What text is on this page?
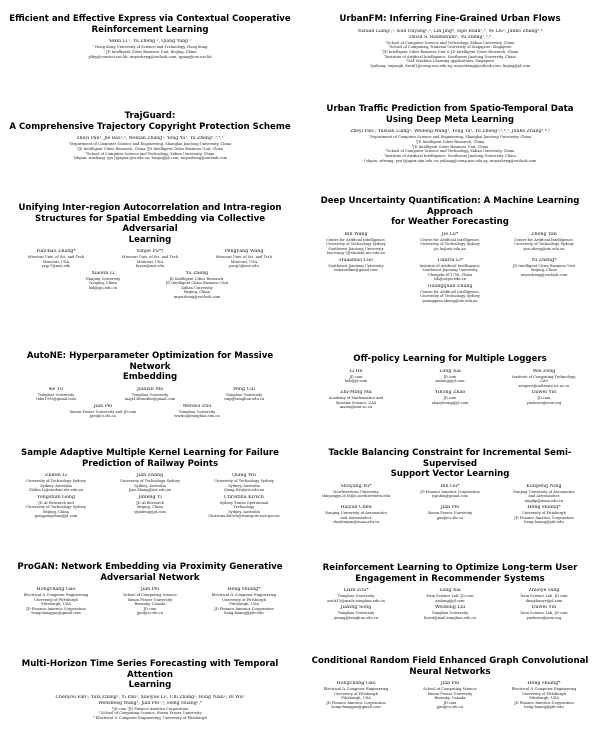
Efficient and Effective Express via Contextual Cooperative
Reinforcement Learning
Yexin Li ¹, Yu Zheng ², Qiang Yang ¹
¹ Hong Kong University of Science and Technology, Hong Kong
² JD Intelligent Cities Business Unit, Beijing, China
yliby@connect.ust.hk, msyuzheng@outlook.com, qyang@cse.ust.hk
TrajGuard:
A Comprehensive Trajectory Copyright Protection Scheme
Zheyi Pan¹, Jie Bao²,³, Weinan Zhang¹, Yong Yu¹, Yu Zheng²,³,⁴,¹
¹Department of Computer Science and Engineering, Shanghai Jiaotong University, China
²JD Intelligent Cities Research, China ³JD Intelligent Cities Business Unit, China
⁴School of Computer Science and Technology, Xidian University, China
{zhpan, wnzhang, yyu}@apex.sjtu.edu.cn; baojie@jd.com; msyuzheng@outlook.com
Unifying Inter-region Autocorrelation and Intra-region
Structures for Spatial Embedding via Collective Adversarial
Learning
Yunchao Zhang*
Missouri Univ. of Sci. and Tech
Missouri, USA
yzgc7@mst.edu
Yanjie Fu*†
Missouri Univ. of Sci. and Tech
Missouri, USA
fuyan@mst.edu
Pengyang Wang
Missouri Univ. of Sci. and Tech
Missouri, USA
pwqt3@mst.edu
Xiaolin Li
Nanjing University
Nanjing, China
lixl@nju.edu.cn
Yu Zheng
JD Intelligent Cities Research,
JD Intelligent Cities Business Unit
Xidian University
Beijing, China
msyuzheng@outlook.com
AutoNE: Hyperparameter Optimization for Massive Network
Embedding
Ke Tu
Tsinghua University
tuke1993@gmail.com
Jianxin Ma
Tsinghua University
majx13fromthu@gmail.com
Peng Cui
Tsinghua University
cuip@tsinghua.edu.cn
Jian Pei
Simon Fraser University and JD.com
jpei@cs.sfu.ca
Wenwu Zhu
Tsinghua University
wwzhu@tsinghua.edu.cn
Sample Adaptive Multiple Kernel Learning for Failure
Prediction of Railway Points
Zhibin Li
University of Technology Sydney
Sydney, Australia
Zhibin.Li@student.uts.edu.au
Jian Zhang
University of Technology Sydney
Sydney, Australia
Jian.Zhang@uts.edu.au
Qiang Wu
University of Technology Sydney
Sydney, Australia
Qiang.Wu@uts.edu.au
Yongshun Gong
JD AI Research and
University of Technology Sydney
Beijing, China
gongyongshun@jd.com
Jinfeng Yi
JD AI Research
Beijing, China
yijinfeng@jd.com
Christina Kirsch
Sydney Trains Operational
Technology
Sydney, Australia
Christina.Kirsch@transport.nsw.gov.au
ProGAN: Network Embedding via Proximity Generative
Adversarial Network
Hongchang Gao
Electrical & Computer Engineering
University of Pittsburgh
Pittsburgh, USA
JD Finance America Corporation
hongchanggao@gmail.com
Jian Pei
School of Computing Science
Simon Fraser University
Burnaby, Canada
JD.com
jpei@cs.sfu.ca
Heng Huang*
Electrical & Computer Engineering
University of Pittsburgh
Pittsburgh, USA
JD Finance America Corporation
heng.huang@pitt.edu
Multi-Horizon Time Series Forecasting with Temporal Attention
Learning
Chenyou Fan¹, Yuxi Zhang², Yi Pan², Xiaoyue Li², Chi Zhang², Rong Yuan², Di Wu²
Wensheng Wang², Jian Pei²,³, Heng Huang²,⁴
²JD.com ³JD Finance America Corporation
³ School of Computing Science, Simon Fraser University
⁴ Electrical & Computer Engineering, University of Pittsburgh
UrbanFM: Inferring Fine-Grained Urban Flows
Yuxuan Liang¹,², Kun Ouyang²,³, Lin Jing⁴, Sijie Ruan¹,³, Ye Liu², Junbo Zhang³,⁴
David S. Rosenblum², Yu Zheng¹,³,⁴
¹School of Computer Science and Technology, Xidian University, China
²School of Computing, National University of Singapore, Singapore
³JD Intelligent Cities Business Unit & JD Intelligent Cities Research, China
⁴Institute of Artificial Intelligence, Southwest Jiaotong University, China
⁵SAP Machine Learning Applications, Singapore
{yxliang, ouyangk, david}@comp.nus.edu.sg; msyuzheng@outlook.com; linjing@jd.com
Urban Traffic Prediction from Spatio-Temporal Data
Using Deep Meta Learning
Zheyi Pan¹, Yuxuan Liang², Weifeng Wang¹, Yong Yu¹, Yu Zheng²,³,⁴,⁵, Junbo Zhang³,⁴,⁵
¹Department of Computer Science and Engineering, Shanghai Jiaotong University, China
²JD Intelligent Cities Research, China
³JD Intelligent Cities Business Unit, China
⁴School of Computer Science and Technology, Xidian University, China
⁵Institute of Artificial Intelligence, Southwest Jiaotong University, China
{zhpan, wfwang, yyu}@apex.sjtu.edu.cn; yxliang@comp.nus.edu.sg; msyuzheng@outlook.com
Deep Uncertainty Quantification: A Machine Learning Approach
for Weather Forecasting
Bin Wang
Centre for Artificial Intelligence,
University of Technology Sydney
Southwest Jiaotong University
bin.wang-7@student.uts.edu.au
Jie Lu*
Centre for Artificial Intelligence,
University of Technology Sydney
jie.lu@uts.edu.au
Zheng Yan
Centre for Artificial Intelligence,
University of Technology Sydney
yan.zheng@uts.edu.au
Huaishao Luo
Southwest Jiaotong University
imhuaishao@gmail.com
Tianrui Li*
Institute of Artificial Intelligence,
Southwest Jiaotong University
Chengdu 611756, China
trli@swjtu.edu.cn
Yu Zheng*
JD Intelligent Cities Business Unit
Beijing, China
msyuzheng@outlook.com
Guangquan Zhang
Centre for Artificial Intelligence,
University of Technology Sydney
guangquan.zhang@uts.edu.au
Off-policy Learning for Multiple Loggers
Li He
JD.com
heli@jd.com
Long Xia
JD.com
xialong@jd.com
Wei Zeng
Institute of Computing Technology,
CAS
zengwei@software.ict.ac.cn
Zhi-Ming Ma
Academy of Mathematics and
Systems Science, CAS
mazm@amt.ac.cn
Yihong Zhao
JD.com
zhaoyihong@jd.com
Dawei Yin
JD.com
yindawei@acm.org
Tackle Balancing Constraint for Incremental Semi-Supervised
Support Vector Learning
Shuyang Yu*
Northwestern University
shuyangyu2018@u.northwestern.edu
Bin Gu*
JD Finance America Corporation
jsgubin@gmail.com
Kunpeng Ning
Nanjing University of Aeronautics
and Astronautics
ningkp@nuaa.edu.cn
Haiyan Chen
Nanjing University of Aeronautics
and Astronautics
chenhaiyan@nuaa.edu.cn
Jian Pei
Simon Fraser University
jpei@cs.sfu.ca
Heng Huang*
University of Pittsburgh
JD Finance America Corporation
heng.huang@pitt.edu
Reinforcement Learning to Optimize Long-term User
Engagement in Recommender Systems
Lixin Zou*
Tsinghua University
zoulx15@mails.tsinghua.edu.cn
Long Xia
Data Science Lab, JD.com
xialong@jd.com
Zhuoye Ding
Data Science Lab, JD.com
dingzhuoye@jd.com
Jiaxing Song
Tsinghua University
jxsong@tsinghua.edu.cn
Weidong Liu
Tsinghua University
liuwd@mail.tsinghua.edu.cn
Dawei Yin
Data Science Lab, JD.com
yindawei@acm.org
Conditional Random Field Enhanced Graph Convolutional
Neural Networks
Hongchang Gao
Electrical & Computer Engineering
University of Pittsburgh
Pittsburgh, USA
JD Finance America Corporation
hongchanggao@gmail.com
Jian Pei
School of Computing Science
Simon Fraser University
Burnaby, Canada
JD.com
jpei@cs.sfu.ca
Heng Huang*
Electrical & Computer Engineering
University of Pittsburgh
Pittsburgh, USA
JD Finance America Corporation
heng.huang@pitt.edu
